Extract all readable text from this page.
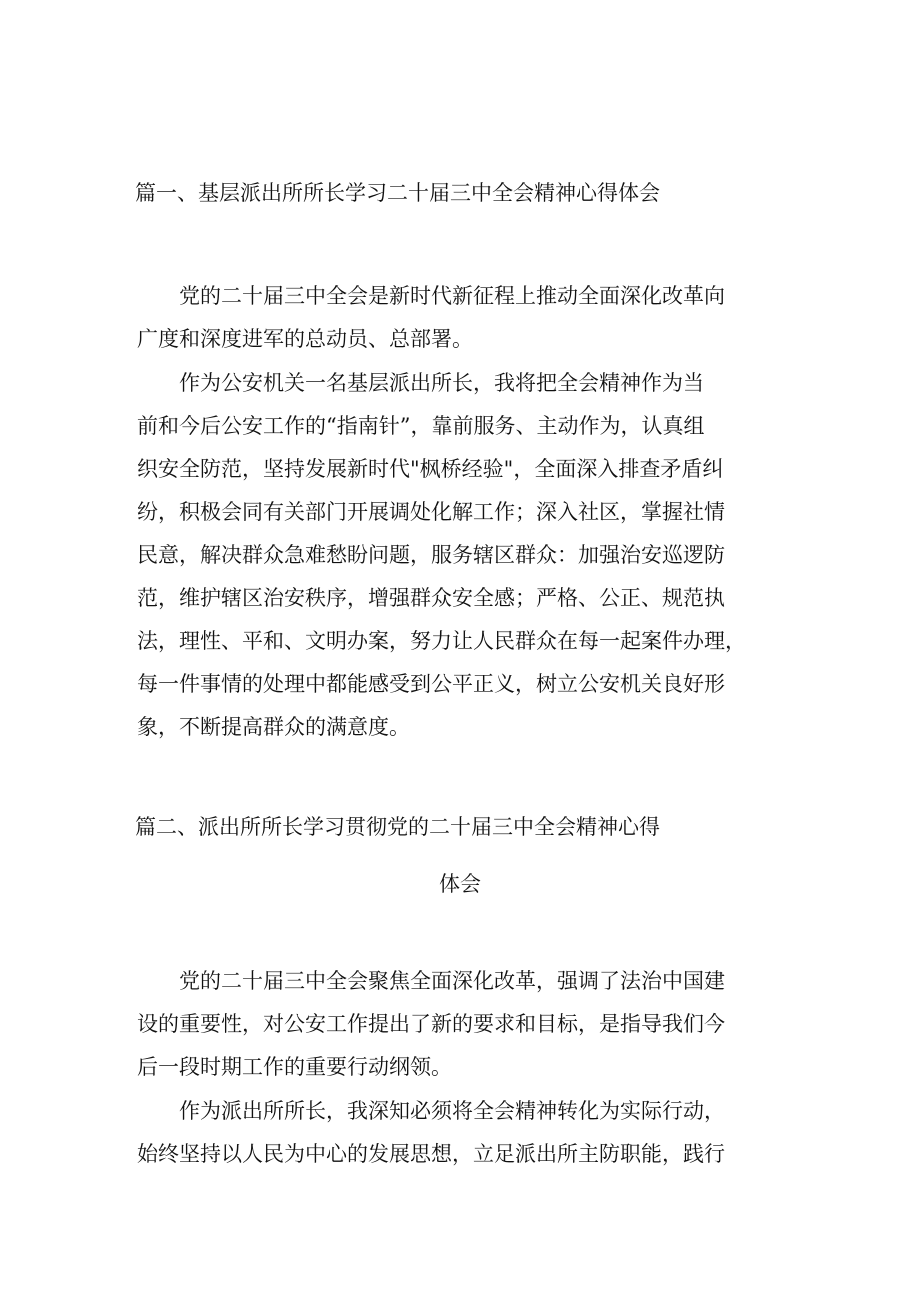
篇一、基层派出所所长学习二十届三中全会精神心得体会

党的二十届三中全会是新时代新征程上推动全面深化改革向
广度和深度进军的总动员、总部署。

作为公安机关一名基层派出所长，我将把全会精神作为当
前和今后公安工作的“指南针”，靠前服务、主动作为，认真组
织安全防范，坚持发展新时代"枫桥经验"，全面深入排查矛盾纠
纷，积极会同有关部门开展调处化解工作；深入社区，掌握社情
民意，解决群众急难愁盼问题，服务辖区群众：加强治安巡逻防
范，维护辖区治安秩序，增强群众安全感；严格、公正、规范执
法，理性、平和、文明办案，努力让人民群众在每一起案件办理，
每一件事情的处理中都能感受到公平正义，树立公安机关良好形
象，不断提高群众的满意度。

篇二、派出所所长学习贯彻党的二十届三中全会精神心得
体会

党的二十届三中全会聚焦全面深化改革，强调了法治中国建
设的重要性，对公安工作提出了新的要求和目标，是指导我们今
后一段时期工作的重要行动纲领。

作为派出所所长，我深知必须将全会精神转化为实际行动，
始终坚持以人民为中心的发展思想，立足派出所主防职能，践行
